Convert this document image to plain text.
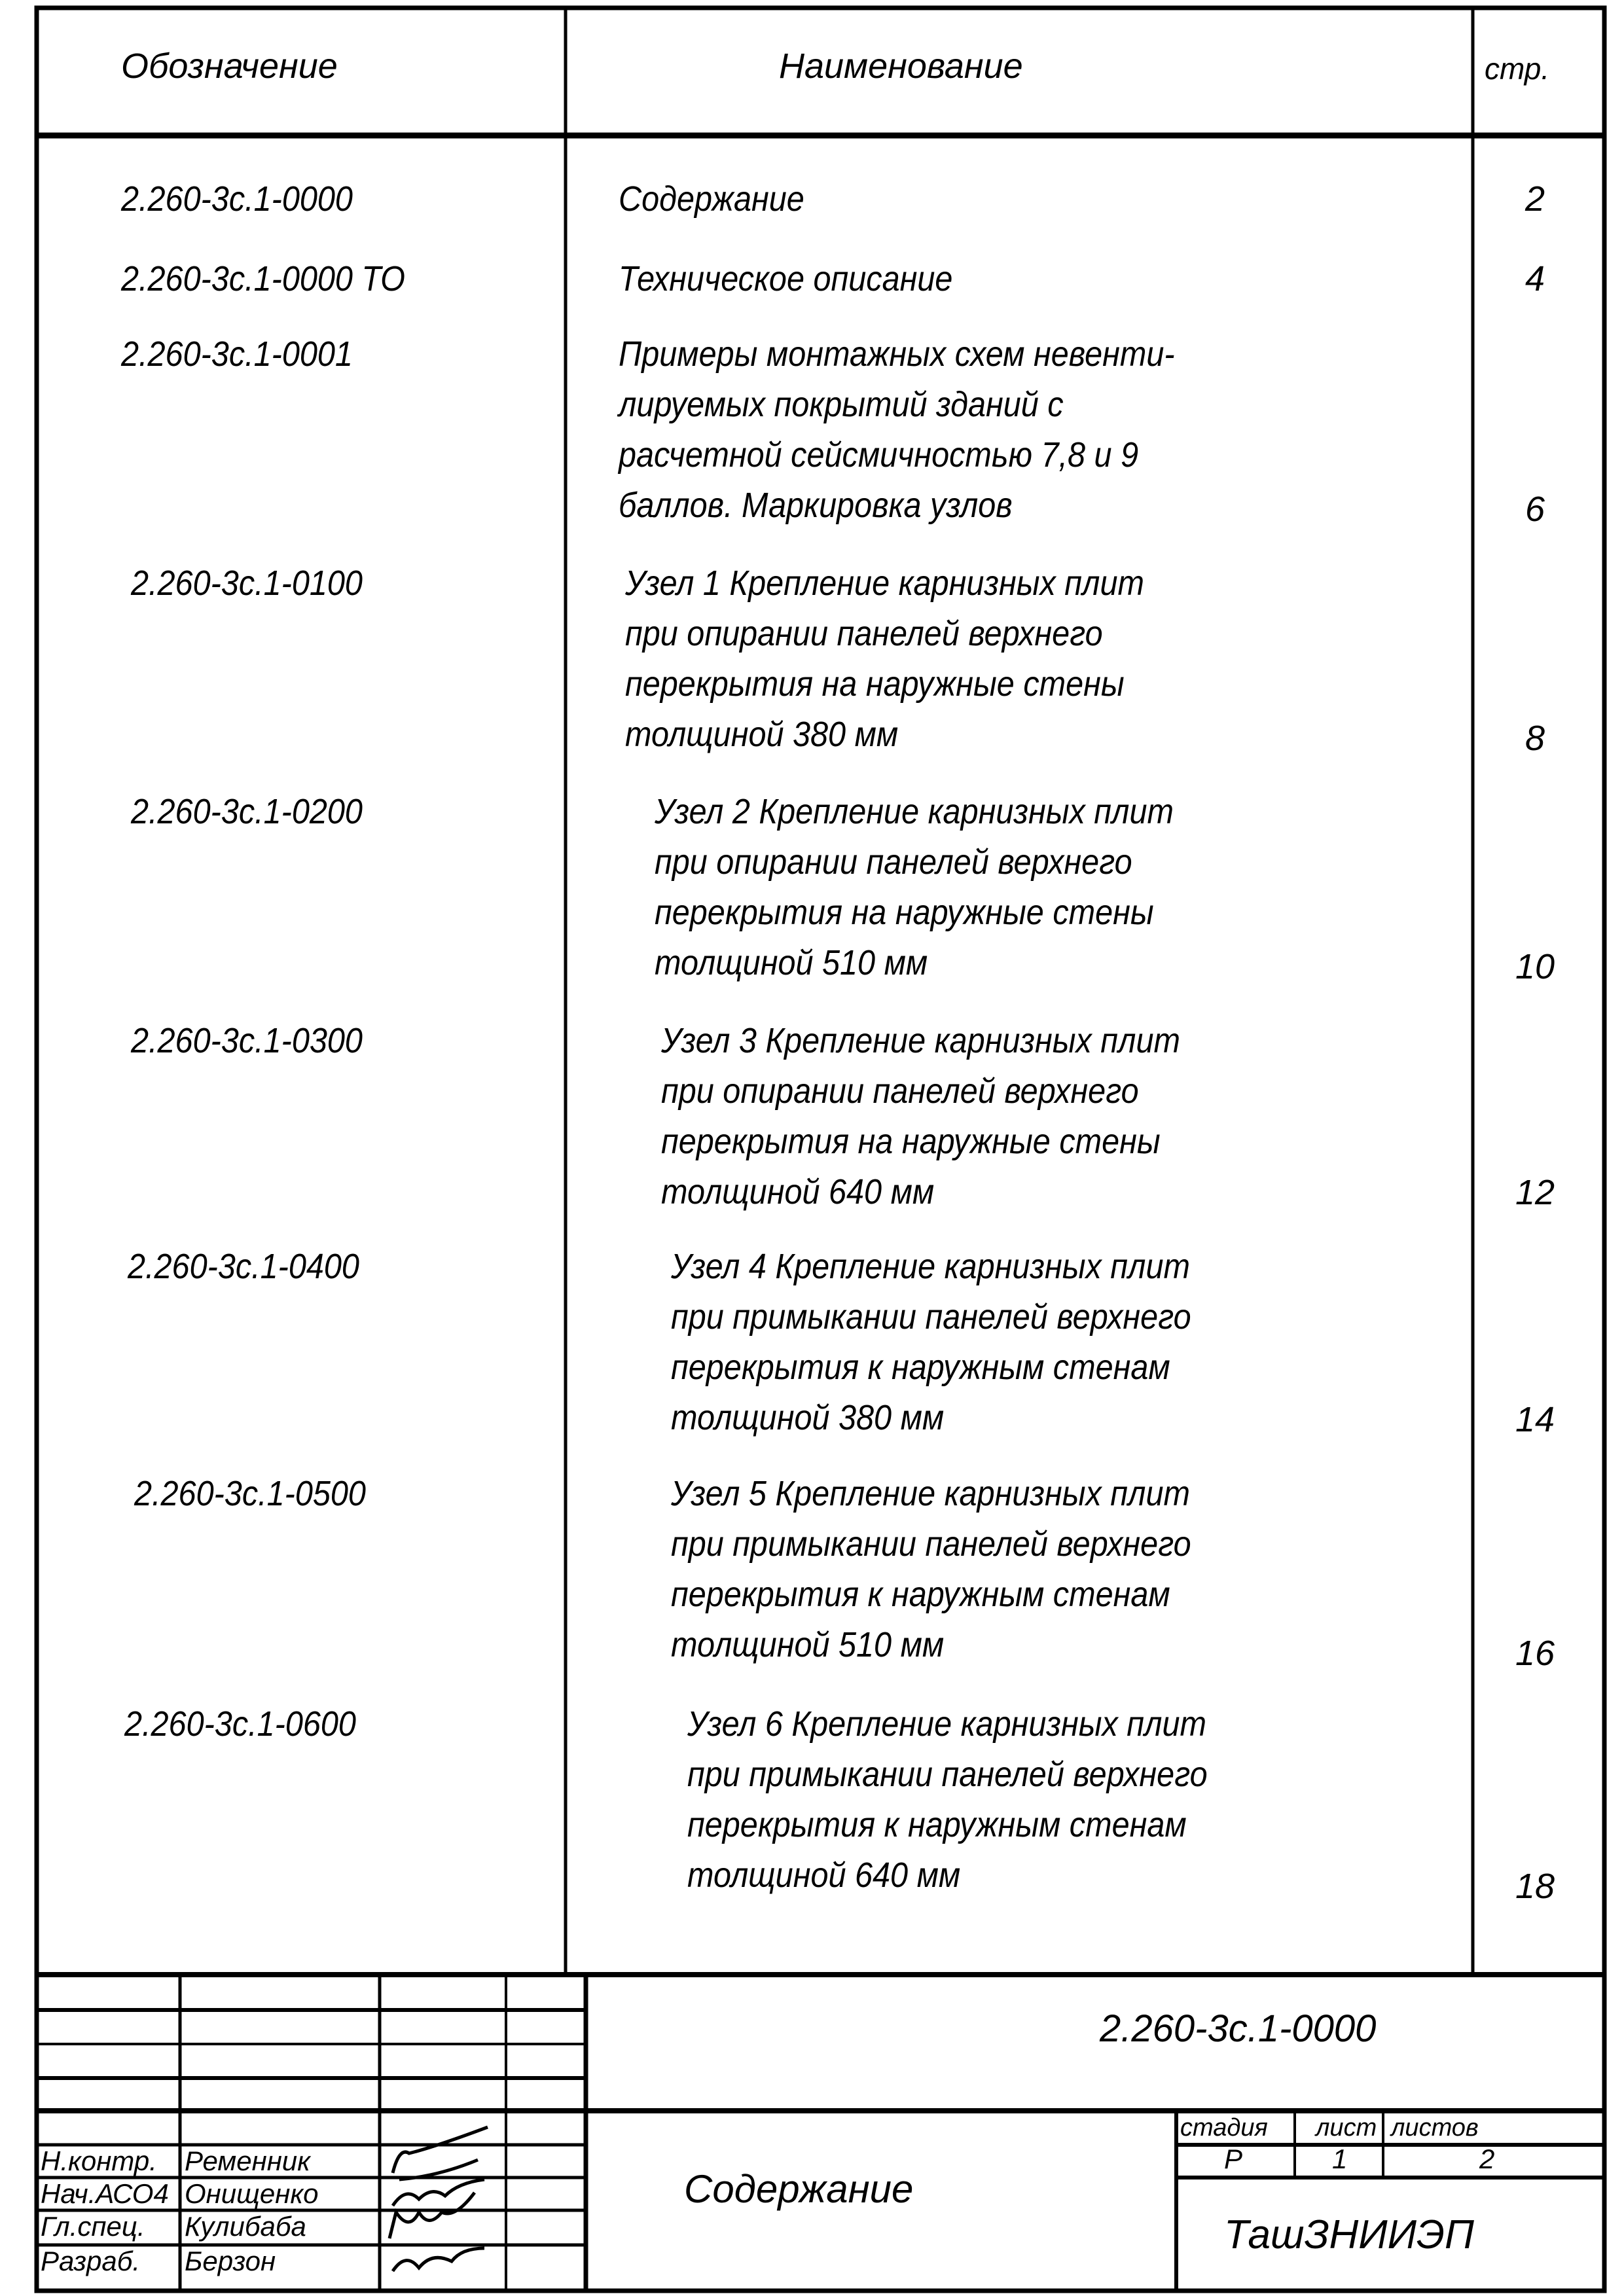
Обозначение	Наименование	стр.
2.260-3с.1-0000	Содержание	2
2.260-3с.1-0000 ТО	Техническое описание	4
2.260-3с.1-0001	Примеры монтажных схем невенти-
лируемых покрытий зданий с
расчетной сейсмичностью 7,8 и 9
баллов. Маркировка узлов	6
2.260-3с.1-0100	Узел 1 Крепление карнизных плит
при опирании панелей верхнего
перекрытия на наружные стены
толщиной 380 мм	8
2.260-3с.1-0200	Узел 2 Крепление карнизных плит
при опирании панелей верхнего
перекрытия на наружные стены
толщиной 510 мм	10
2.260-3с.1-0300	Узел 3 Крепление карнизных плит
при опирании панелей верхнего
перекрытия на наружные стены
толщиной 640 мм	12
2.260-3с.1-0400	Узел 4 Крепление карнизных плит
при примыкании панелей верхнего
перекрытия к наружным стенам
толщиной 380 мм	14
2.260-3с.1-0500	Узел 5 Крепление карнизных плит
при примыкании панелей верхнего
перекрытия к наружным стенам
толщиной 510 мм	16
2.260-3с.1-0600	Узел 6 Крепление карнизных плит
при примыкании панелей верхнего
перекрытия к наружным стенам
толщиной 640 мм	18
2.260-3с.1-0000
Содержание
стадия лист листов
Р	1	2
ТашЗНИИЭП
Н.контр. Ременник
Нач.АСО4 Онищенко
Гл.спец. Кулибаба
Разраб. Берзон
